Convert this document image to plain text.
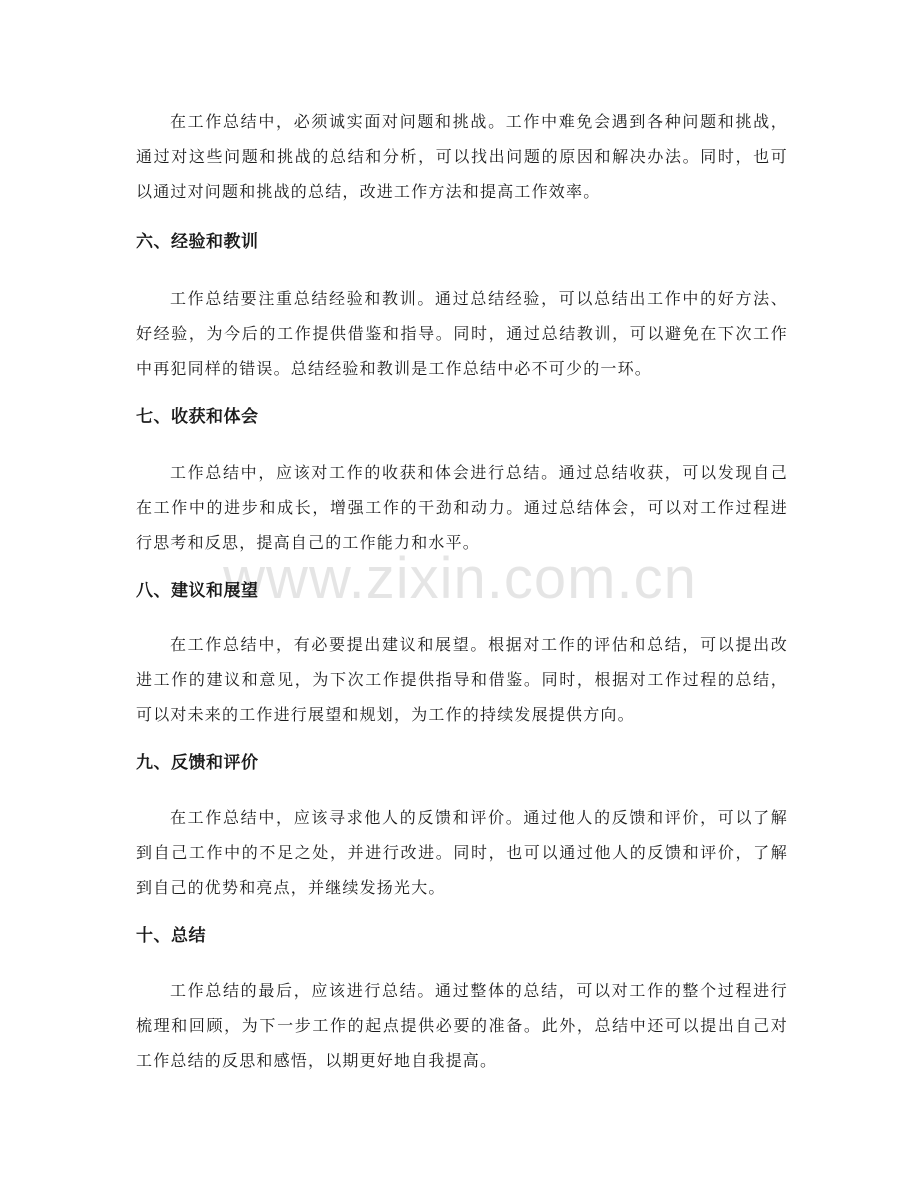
在工作总结中，必须诚实面对问题和挑战。工作中难免会遇到各种问题和挑战，通过对这些问题和挑战的总结和分析，可以找出问题的原因和解决办法。同时，也可以通过对问题和挑战的总结，改进工作方法和提高工作效率。

六、经验和教训

工作总结要注重总结经验和教训。通过总结经验，可以总结出工作中的好方法、好经验，为今后的工作提供借鉴和指导。同时，通过总结教训，可以避免在下次工作中再犯同样的错误。总结经验和教训是工作总结中必不可少的一环。

七、收获和体会

工作总结中，应该对工作的收获和体会进行总结。通过总结收获，可以发现自己在工作中的进步和成长，增强工作的干劲和动力。通过总结体会，可以对工作过程进行思考和反思，提高自己的工作能力和水平。

八、建议和展望

在工作总结中，有必要提出建议和展望。根据对工作的评估和总结，可以提出改进工作的建议和意见，为下次工作提供指导和借鉴。同时，根据对工作过程的总结，可以对未来的工作进行展望和规划，为工作的持续发展提供方向。

九、反馈和评价

在工作总结中，应该寻求他人的反馈和评价。通过他人的反馈和评价，可以了解到自己工作中的不足之处，并进行改进。同时，也可以通过他人的反馈和评价，了解到自己的优势和亮点，并继续发扬光大。

十、总结

工作总结的最后，应该进行总结。通过整体的总结，可以对工作的整个过程进行梳理和回顾，为下一步工作的起点提供必要的准备。此外，总结中还可以提出自己对工作总结的反思和感悟，以期更好地自我提高。

www.zixin.com.cn
